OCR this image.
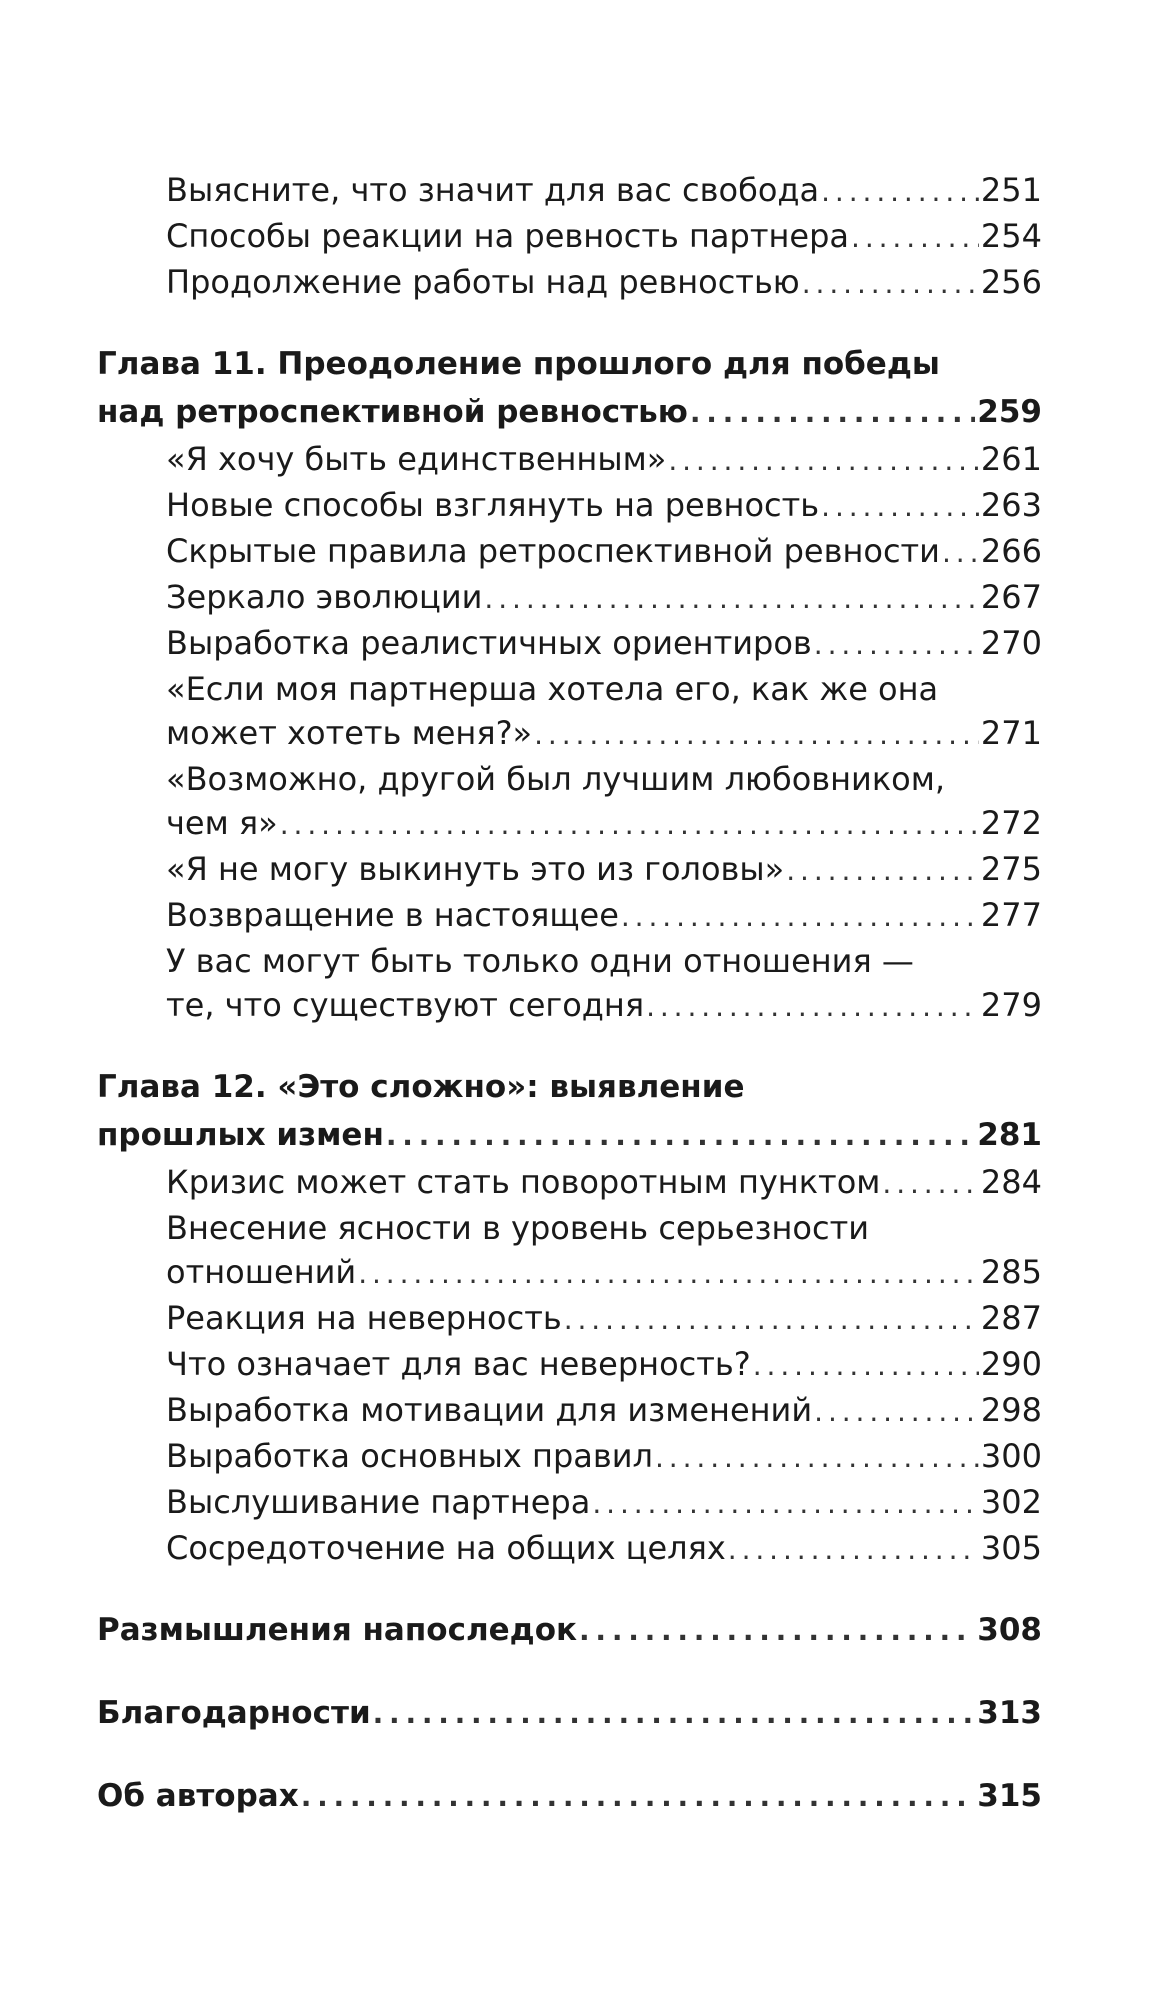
Выясните, что значит для вас свобода . . .	251
Способы реакции на ревность партнера . . .	254
Продолжение работы над ревностью . . .	256
Глава 11. Преодоление прошлого для победы
над ретроспективной ревностью . . .	259
«Я хочу быть единственным» . . .	261
Новые способы взглянуть на ревность . . .	263
Скрытые правила ретроспективной ревности . . . 266
Зеркало эволюции . . .	267
Выработка реалистичных ориентиров . . .	270
«Если моя партнерша хотела его, как же она
может хотеть меня?» . . .	271
«Возможно, другой был лучшим любовником,
чем я» . . .	272
«Я не могу выкинуть это из головы» . . .	275
Возвращение в настоящее . . .	277
У вас могут быть только одни отношения —
те, что существуют сегодня . . .	279
Глава 12. «Это сложно»: выявление
прошлых измен . . .	281
Кризис может стать поворотным пунктом . . .	284
Внесение ясности в уровень серьезности
отношений . . .	285
Реакция на неверность . . .	287
Что означает для вас неверность? . . .	290
Выработка мотивации для изменений . . .	298
Выработка основных правил . . .	300
Выслушивание партнера . . .	302
Сосредоточение на общих целях . . .	305
Размышления напоследок . . .	308
Благодарности . . .	313
Об авторах . . .	315
